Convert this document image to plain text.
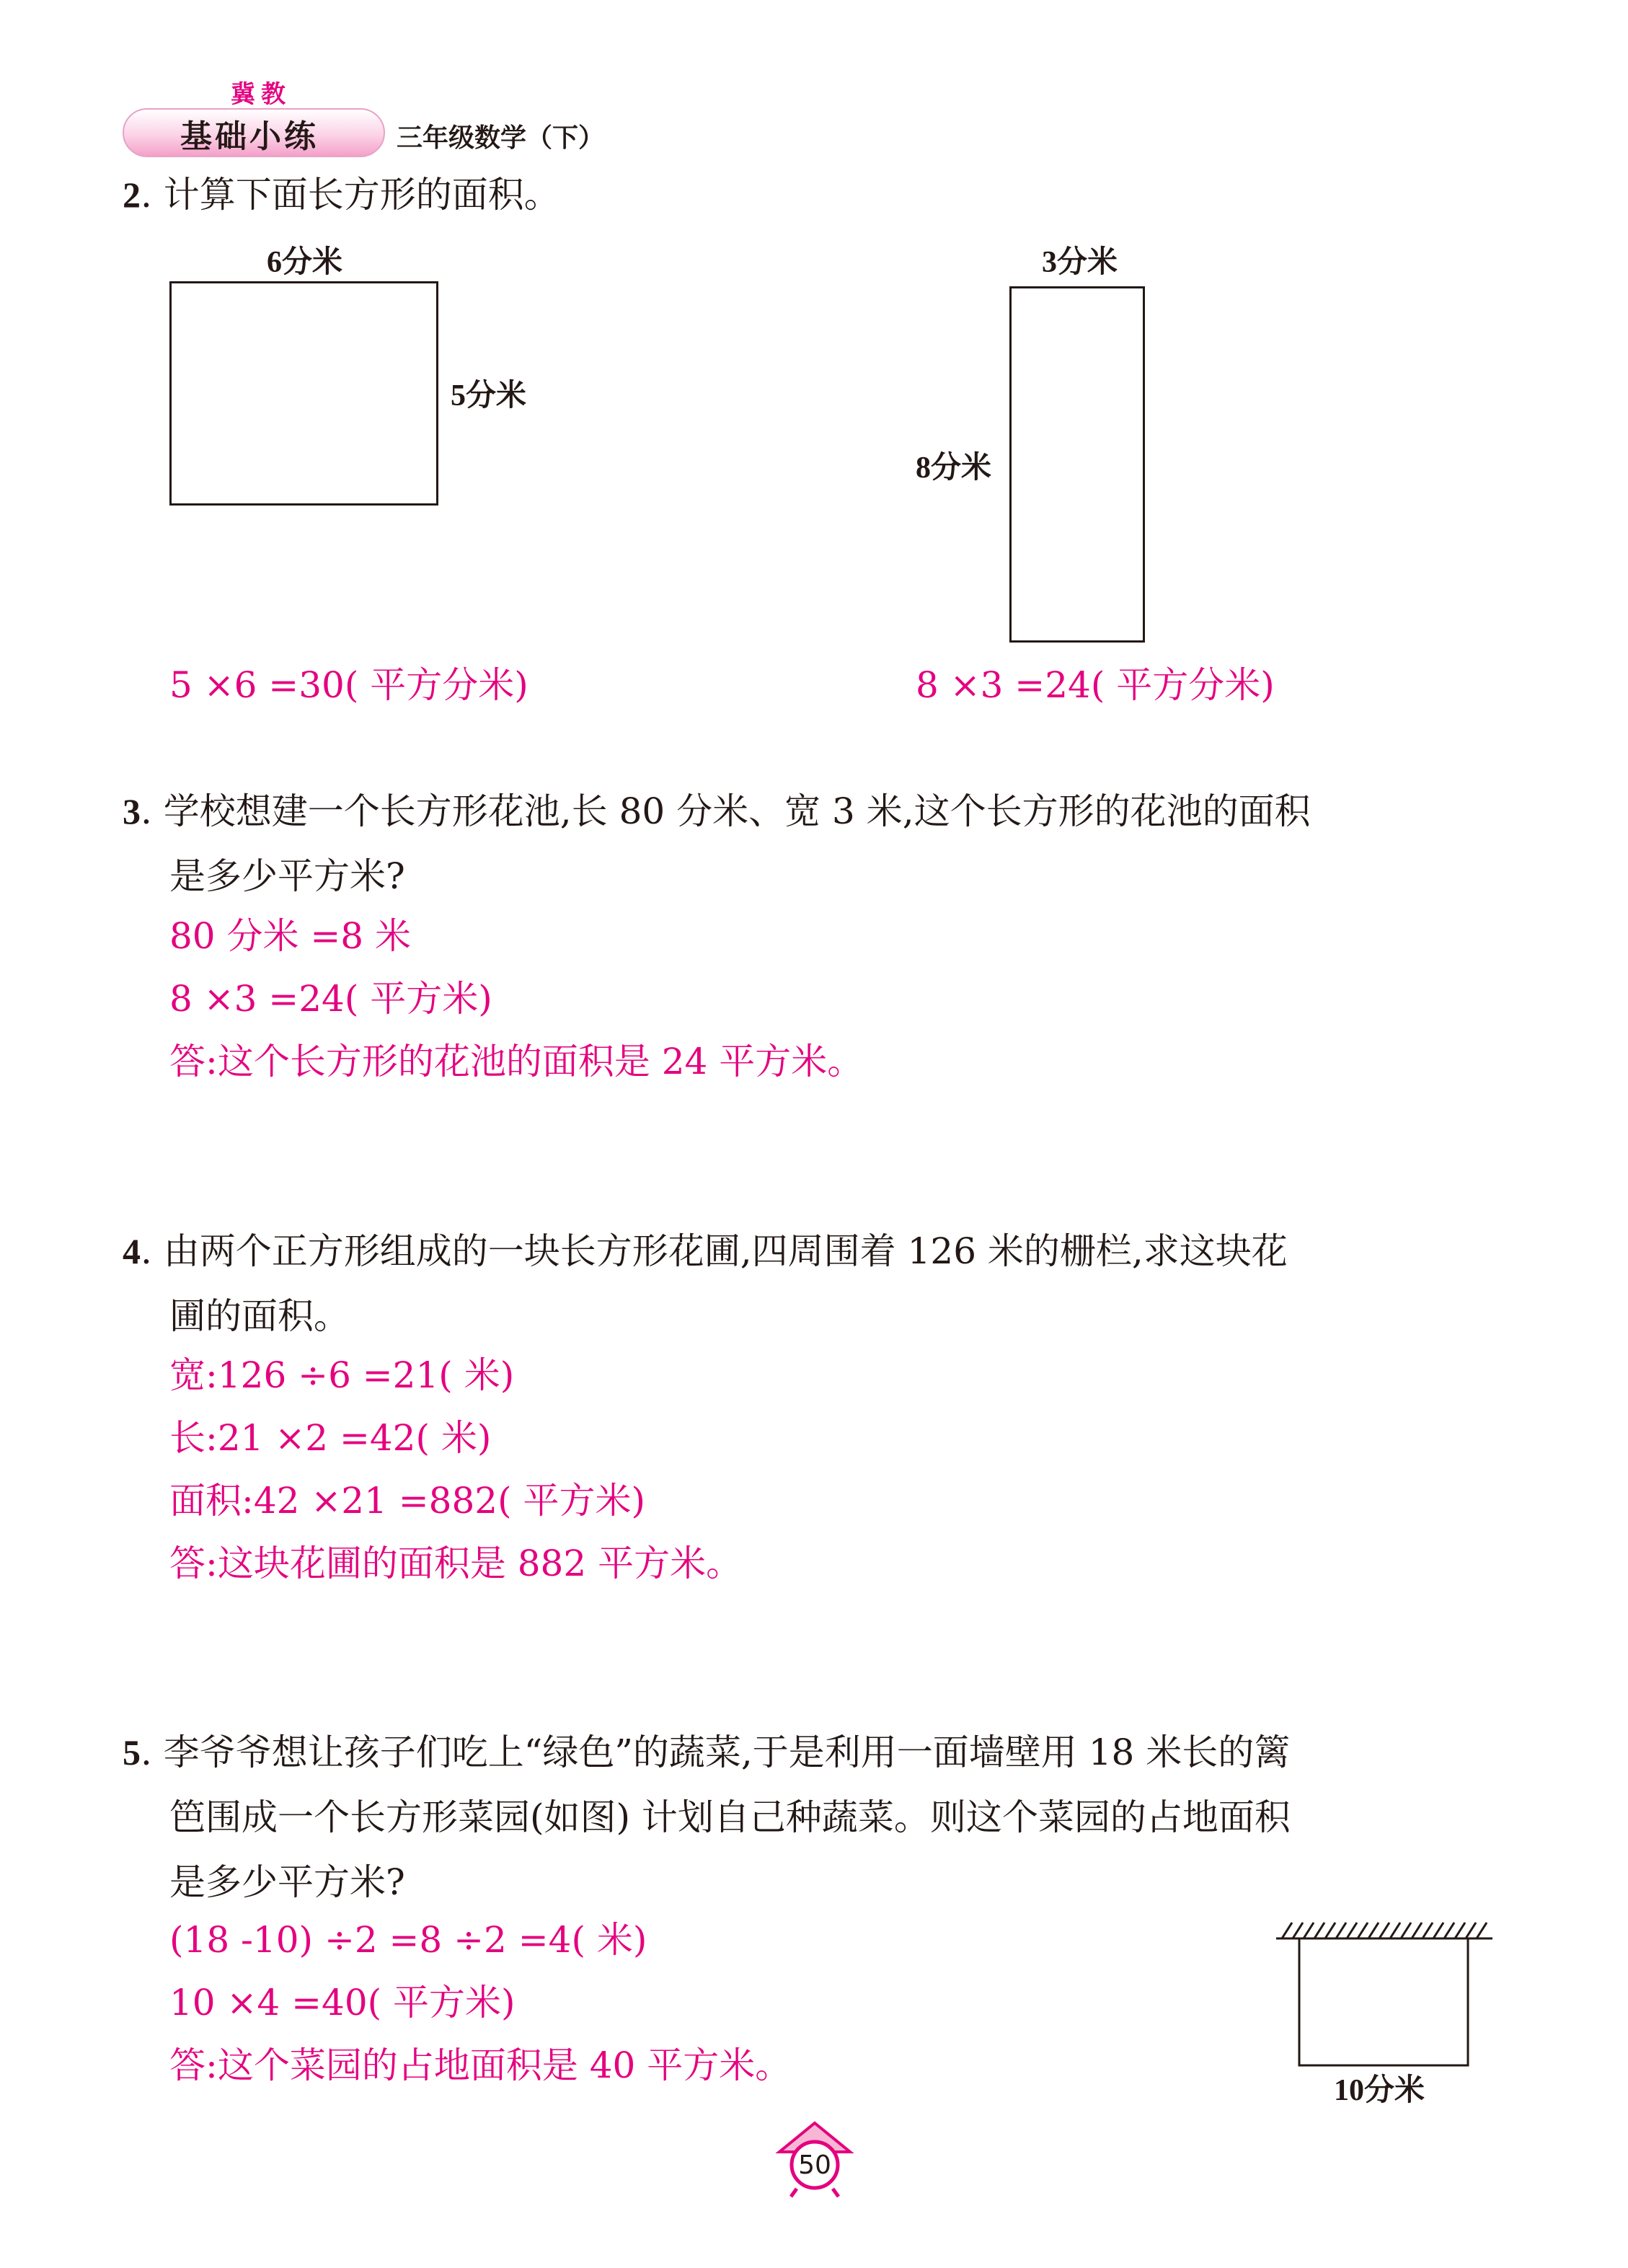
冀教
基础小练	三年级数学（下）
2. 计算下面长方形的面积。
6分米
5分米
3分米
8分米
5 ×6 =30( 平方分米)	8 ×3 =24( 平方分米)
3. 学校想建一个长方形花池,长 80 分米、宽 3 米,这个长方形的花池的面积
是多少平方米?
80 分米 =8 米
8 ×3 =24( 平方米)
答:这个长方形的花池的面积是 24 平方米。
4. 由两个正方形组成的一块长方形花圃,四周围着 126 米的栅栏,求这块花
圃的面积。
宽:126 ÷6 =21( 米)
长:21 ×2 =42( 米)
面积:42 ×21 =882( 平方米)
答:这块花圃的面积是 882 平方米。
5. 李爷爷想让孩子们吃上“绿色”的蔬菜,于是利用一面墙壁用 18 米长的篱
笆围成一个长方形菜园(如图) 计划自己种蔬菜。则这个菜园的占地面积
是多少平方米?
(18 -10) ÷2 =8 ÷2 =4( 米)
10 ×4 =40( 平方米)
答:这个菜园的占地面积是 40 平方米。
10分米
50
